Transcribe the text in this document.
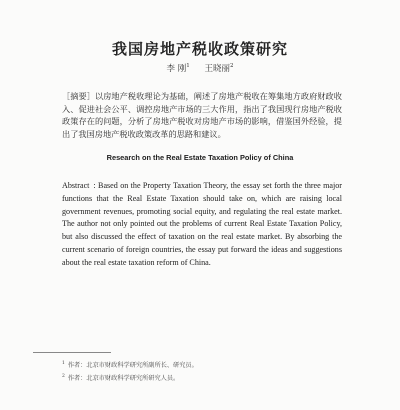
我国房地产税收政策研究
李 刚$^1$ 王晓丽$^2$

［摘要］以房地产税收理论为基础，阐述了房地产税收在筹集地方政府财政收入、促进社会公平、调控房地产市场的三大作用，指出了我国现行房地产税收政策存在的问题，分析了房地产税收对房地产市场的影响，借鉴国外经验，提出了我国房地产税收政策改革的思路和建议。

Research on the Real Estate Taxation Policy of China

Abstract : Based on the Property Taxation Theory, the essay set forth the three major functions that the Real Estate Taxation should take on, which are raising local government revenues, promoting social equity, and regulating the real estate market. The author not only pointed out the problems of current Real Estate Taxation Policy, but also discussed the effect of taxation on the real estate market. By absorbing the current scenario of foreign countries, the essay put forward the ideas and suggestions about the real estate taxation reform of China.

$^1$ 作者：北京市财政科学研究所副所长、研究员。
$^2$ 作者：北京市财政科学研究所研究人员。
